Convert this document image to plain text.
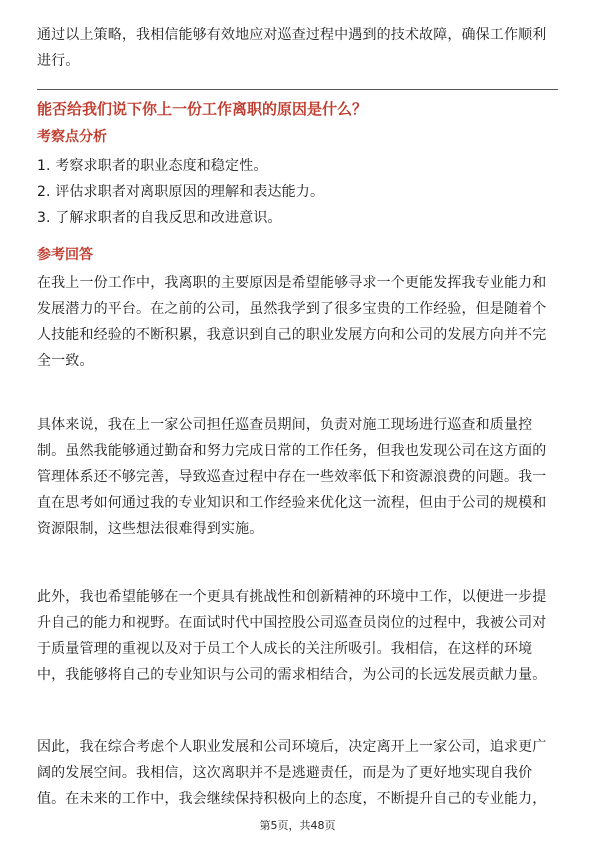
通过以上策略，我相信能够有效地应对巡查过程中遇到的技术故障，确保工作顺利进行。

能否给我们说下你上一份工作离职的原因是什么？

考察点分析

1. 考察求职者的职业态度和稳定性。
2. 评估求职者对离职原因的理解和表达能力。
3. 了解求职者的自我反思和改进意识。

参考回答

在我上一份工作中，我离职的主要原因是希望能够寻求一个更能发挥我专业能力和发展潜力的平台。在之前的公司，虽然我学到了很多宝贵的工作经验，但是随着个人技能和经验的不断积累，我意识到自己的职业发展方向和公司的发展方向并不完全一致。

具体来说，我在上一家公司担任巡查员期间，负责对施工现场进行巡查和质量控制。虽然我能够通过勤奋和努力完成日常的工作任务，但我也发现公司在这方面的管理体系还不够完善，导致巡查过程中存在一些效率低下和资源浪费的问题。我一直在思考如何通过我的专业知识和工作经验来优化这一流程，但由于公司的规模和资源限制，这些想法很难得到实施。

此外，我也希望能够在一个更具有挑战性和创新精神的环境中工作，以便进一步提升自己的能力和视野。在面试时代中国控股公司巡查员岗位的过程中，我被公司对于质量管理的重视以及对于员工个人成长的关注所吸引。我相信，在这样的环境中，我能够将自己的专业知识与公司的需求相结合，为公司的长远发展贡献力量。

因此，我在综合考虑个人职业发展和公司环境后，决定离开上一家公司，追求更广阔的发展空间。我相信，这次离职并不是逃避责任，而是为了更好地实现自我价值。在未来的工作中，我会继续保持积极向上的态度，不断提升自己的专业能力，

第5页，共48页
